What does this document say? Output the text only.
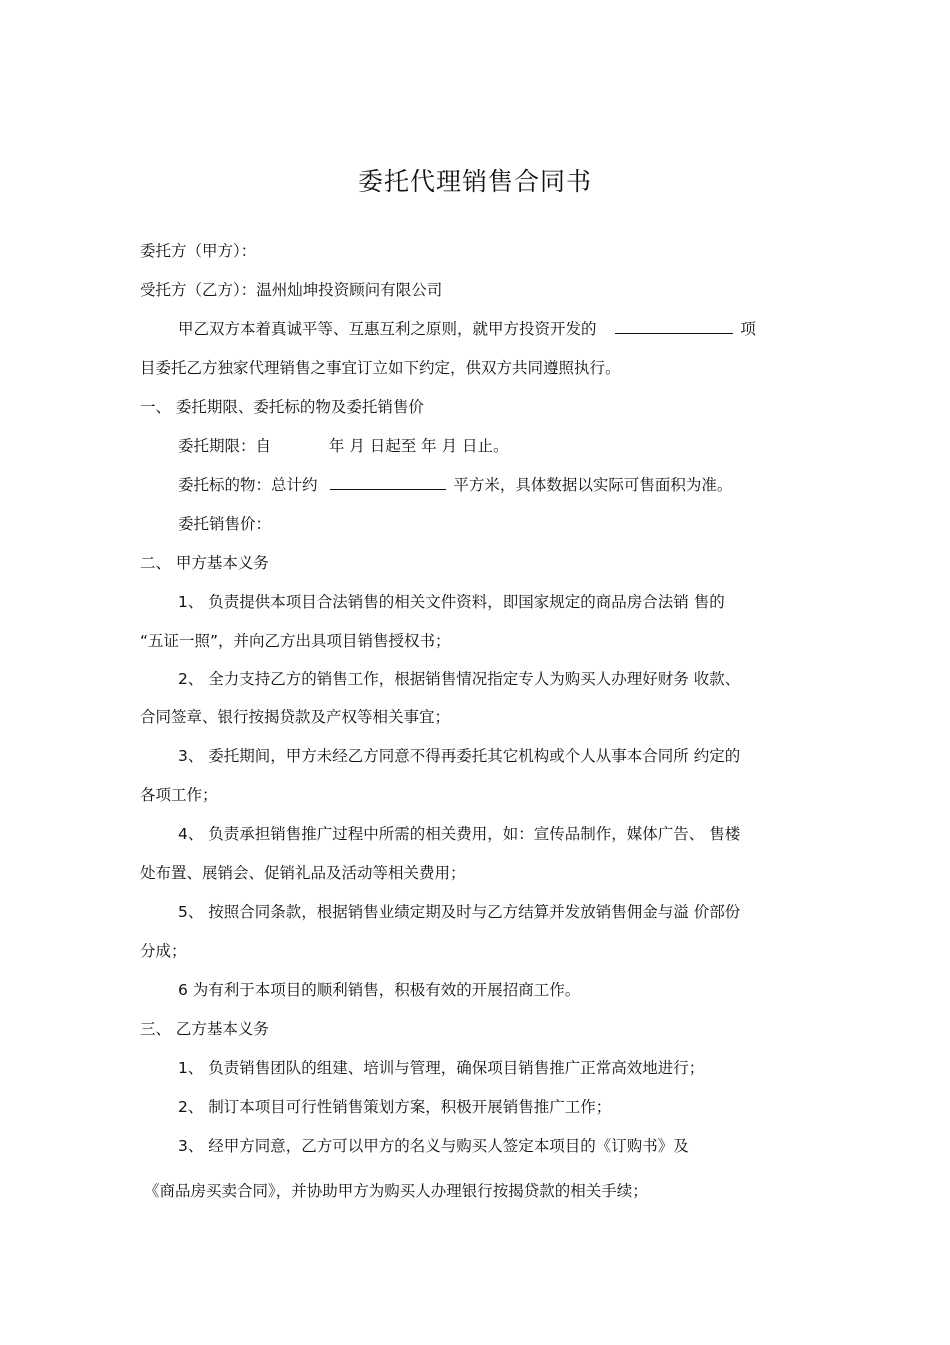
委托代理销售合同书

委托方（甲方）：

受托方（乙方）：温州灿坤投资顾问有限公司

甲乙双方本着真诚平等、互惠互利之原则，就甲方投资开发的	项

目委托乙方独家代理销售之事宜订立如下约定，供双方共同遵照执行。

一、 委托期限、委托标的物及委托销售价

委托期限：自	年 月 日起至 年 月 日止。

委托标的物：总计约	平方米，具体数据以实际可售面积为准。

委托销售价：

二、 甲方基本义务

1、 负责提供本项目合法销售的相关文件资料，即国家规定的商品房合法销 售的

“五证一照”，并向乙方出具项目销售授权书；

2、 全力支持乙方的销售工作，根据销售情况指定专人为购买人办理好财务 收款、

合同签章、银行按揭贷款及产权等相关事宜；

3、 委托期间，甲方未经乙方同意不得再委托其它机构或个人从事本合同所 约定的

各项工作；

4、 负责承担销售推广过程中所需的相关费用，如：宣传品制作，媒体广告、 售楼

处布置、展销会、促销礼品及活动等相关费用；

5、 按照合同条款，根据销售业绩定期及时与乙方结算并发放销售佣金与溢 价部份

分成；

6 为有利于本项目的顺利销售，积极有效的开展招商工作。

三、 乙方基本义务

1、 负责销售团队的组建、培训与管理，确保项目销售推广正常高效地进行；

2、 制订本项目可行性销售策划方案，积极开展销售推广工作；

3、 经甲方同意，乙方可以甲方的名义与购买人签定本项目的《订购书》及

《商品房买卖合同》，并协助甲方为购买人办理银行按揭贷款的相关手续；
